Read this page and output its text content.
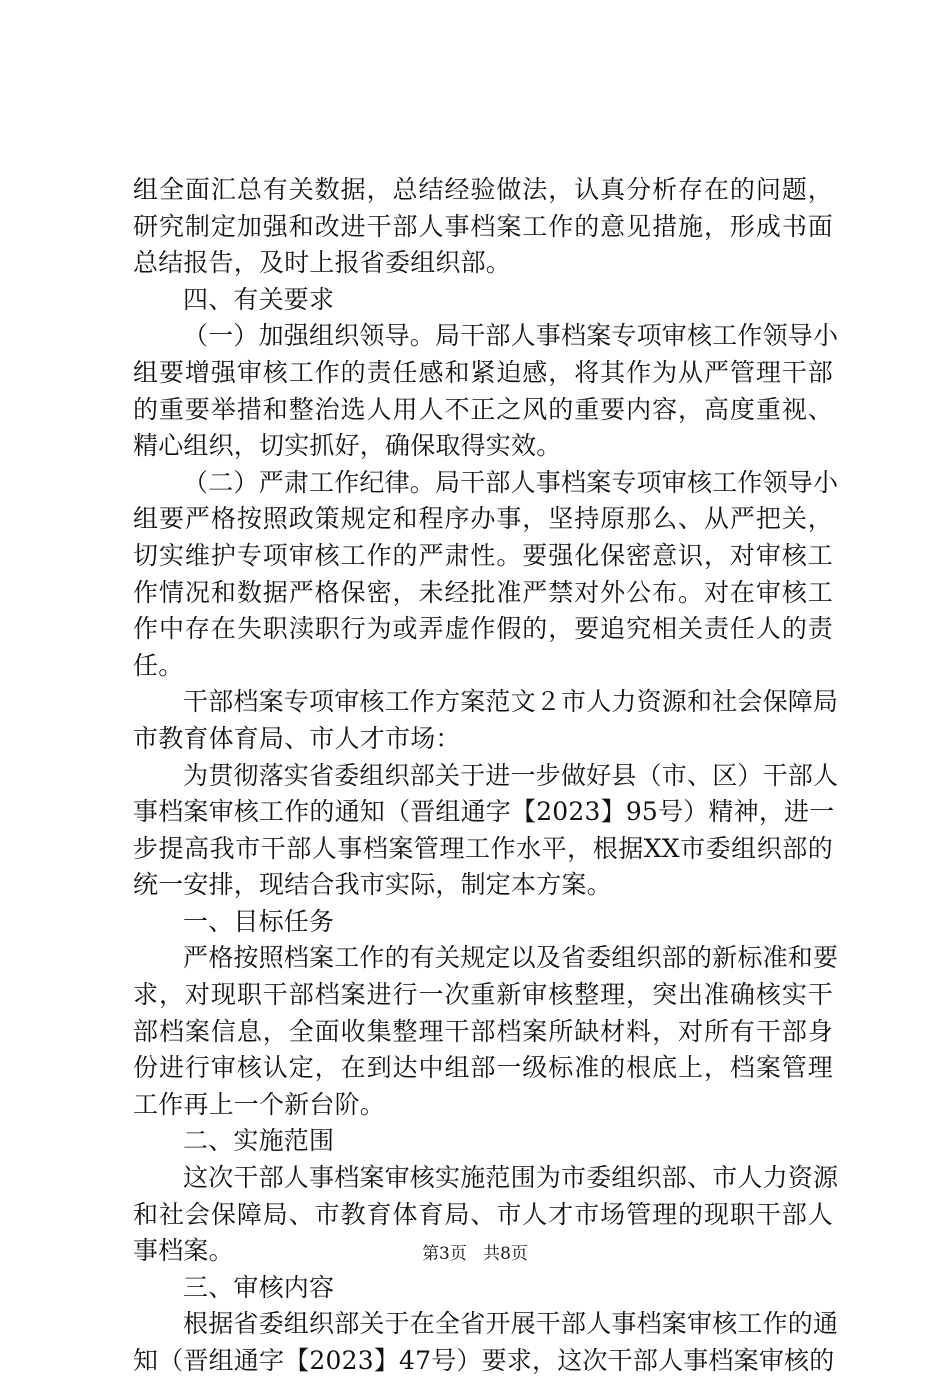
组全面汇总有关数据，总结经验做法，认真分析存在的问题，
研究制定加强和改进干部人事档案工作的意见措施，形成书面
总结报告，及时上报省委组织部。
四、有关要求
（一）加强组织领导。局干部人事档案专项审核工作领导小
组要增强审核工作的责任感和紧迫感，将其作为从严管理干部
的重要举措和整治选人用人不正之风的重要内容，高度重视、
精心组织，切实抓好，确保取得实效。
（二）严肃工作纪律。局干部人事档案专项审核工作领导小
组要严格按照政策规定和程序办事，坚持原那么、从严把关，
切实维护专项审核工作的严肃性。要强化保密意识，对审核工
作情况和数据严格保密，未经批准严禁对外公布。对在审核工
作中存在失职渎职行为或弄虚作假的，要追究相关责任人的责
任。
干部档案专项审核工作方案范文２市人力资源和社会保障局
市教育体育局、市人才市场：
为贯彻落实省委组织部关于进一步做好县（市、区）干部人
事档案审核工作的通知（晋组通字【2023】95号）精神，进一
步提高我市干部人事档案管理工作水平，根据XX市委组织部的
统一安排，现结合我市实际，制定本方案。
一、目标任务
严格按照档案工作的有关规定以及省委组织部的新标准和要
求，对现职干部档案进行一次重新审核整理，突出准确核实干
部档案信息，全面收集整理干部档案所缺材料，对所有干部身
份进行审核认定，在到达中组部一级标准的根底上，档案管理
工作再上一个新台阶。
二、实施范围
这次干部人事档案审核实施范围为市委组织部、市人力资源
和社会保障局、市教育体育局、市人才市场管理的现职干部人
事档案。
三、审核内容
根据省委组织部关于在全省开展干部人事档案审核工作的通
知（晋组通字【2023】47号）要求，这次干部人事档案审核的
第3页 共8页
